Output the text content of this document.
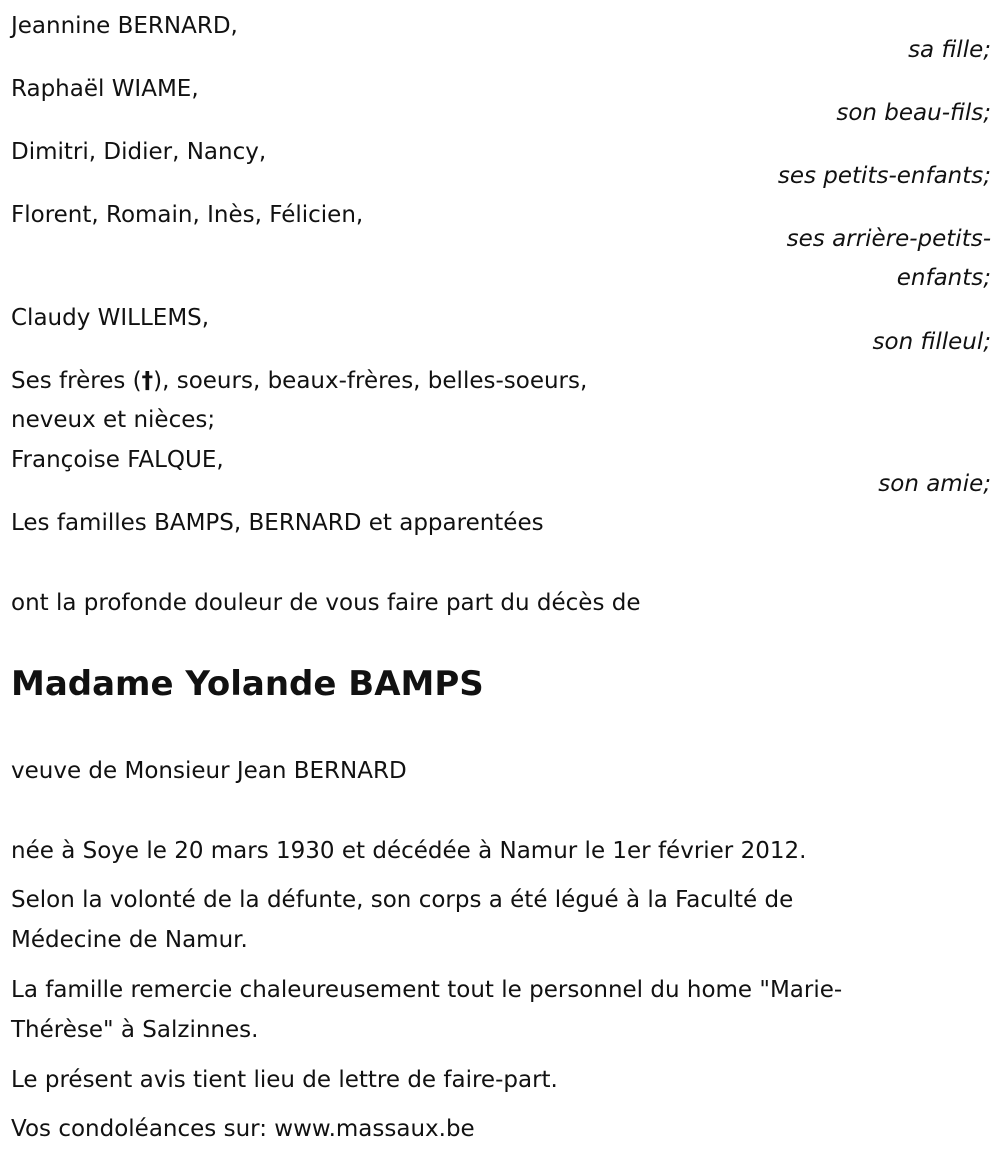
Jeannine BERNARD,
sa fille;
Raphaël WIAME,
son beau-fils;
Dimitri, Didier, Nancy,
ses petits-enfants;
Florent, Romain, Inès, Félicien,
ses arrière-petits-
enfants;
Claudy WILLEMS,
son filleul;
Ses frères (†), soeurs, beaux-frères, belles-soeurs,
neveux et nièces;
Françoise FALQUE,
son amie;
Les familles BAMPS, BERNARD et apparentées
ont la profonde douleur de vous faire part du décès de
Madame Yolande BAMPS
veuve de Monsieur Jean BERNARD
née à Soye le 20 mars 1930 et décédée à Namur le 1er février 2012.
Selon la volonté de la défunte, son corps a été légué à la Faculté de
Médecine de Namur.
La famille remercie chaleureusement tout le personnel du home "Marie-
Thérèse" à Salzinnes.
Le présent avis tient lieu de lettre de faire-part.
Vos condoléances sur: www.massaux.be
